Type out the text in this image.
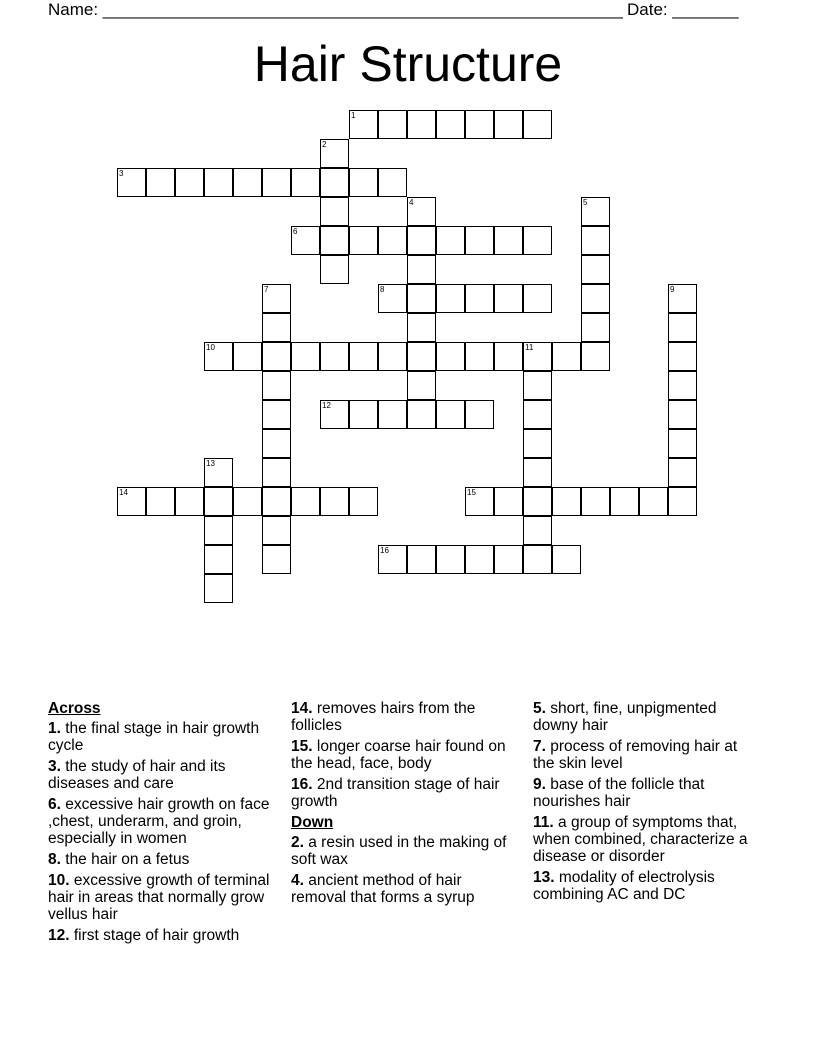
Name: _______________________________________________________ Date: _______
Hair Structure
1
2
3
4	5
6
7	8	9
10	11
12
13
14	15
16
Across
1. the final stage in hair growth cycle
3. the study of hair and its diseases and care
6. excessive hair growth on face ,chest, underarm, and groin, especially in women
8. the hair on a fetus
10. excessive growth of terminal hair in areas that normally grow vellus hair
12. first stage of hair growth
14. removes hairs from the follicles
15. longer coarse hair found on the head, face, body
16. 2nd transition stage of hair growth
Down
2. a resin used in the making of soft wax
4. ancient method of hair removal that forms a syrup
5. short, fine, unpigmented downy hair
7. process of removing hair at the skin level
9. base of the follicle that nourishes hair
11. a group of symptoms that, when combined, characterize a disease or disorder
13. modality of electrolysis combining AC and DC
